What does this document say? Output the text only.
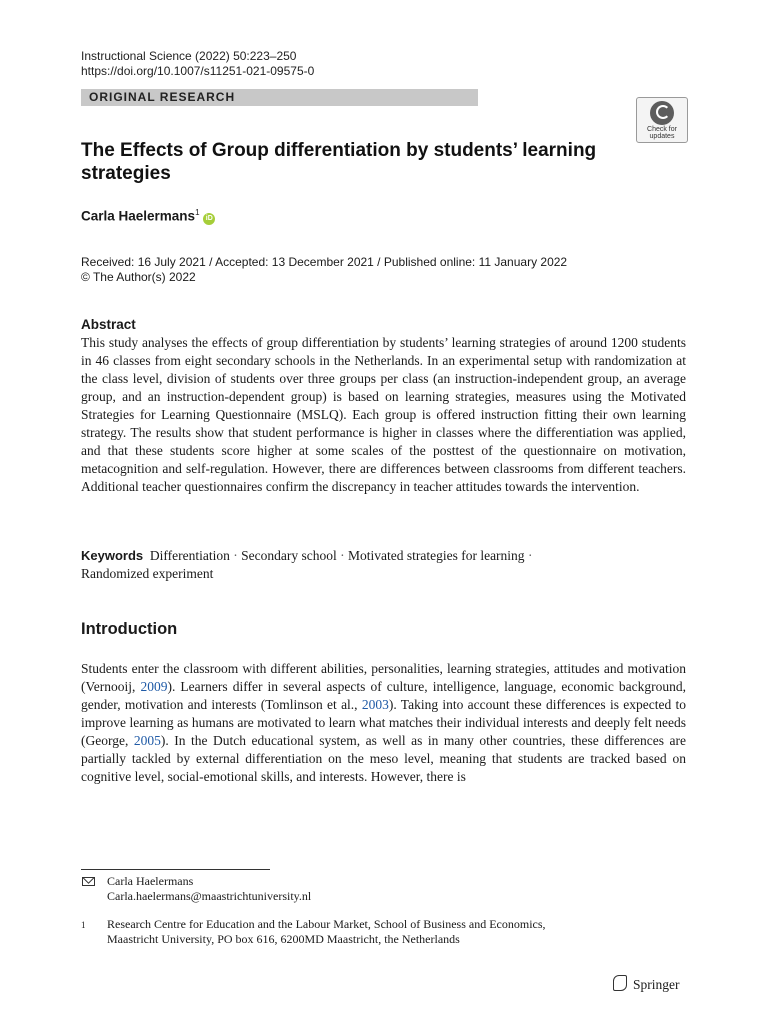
Instructional Science (2022) 50:223–250
https://doi.org/10.1007/s11251-021-09575-0
ORIGINAL RESEARCH
Check for
updates
The Effects of Group differentiation by students’ learning strategies
Carla Haelermans$^1$ iD
Received: 16 July 2021 / Accepted: 13 December 2021 / Published online: 11 January 2022
© The Author(s) 2022
Abstract
This study analyses the effects of group differentiation by students’ learning strategies of around 1200 students in 46 classes from eight secondary schools in the Netherlands. In an experimental setup with randomization at the class level, division of students over three groups per class (an instruction-independent group, an average group, and an instruction-dependent group) is based on learning strategies, measures using the Motivated Strategies for Learning Questionnaire (MSLQ). Each group is offered instruction fitting their own learning strategy. The results show that student performance is higher in classes where the differentiation was applied, and that these students score higher at some scales of the posttest of the questionnaire on motivation, metacognition and self-regulation. However, there are differences between classrooms from different teachers. Additional teacher questionnaires confirm the discrepancy in teacher attitudes towards the intervention.
Keywords Differentiation · Secondary school · Motivated strategies for learning ·
Randomized experiment
Introduction
Students enter the classroom with different abilities, personalities, learning strategies, attitudes and motivation (Vernooij, 2009). Learners differ in several aspects of culture, intelligence, language, economic background, gender, motivation and interests (Tomlinson et al., 2003). Taking into account these differences is expected to improve learning as humans are motivated to learn what matches their individual interests and deeply felt needs (George, 2005). In the Dutch educational system, as well as in many other countries, these differences are partially tackled by external differentiation on the meso level, meaning that students are tracked based on cognitive level, social-emotional skills, and interests. However, there is
Carla Haelermans
Carla.haelermans@maastrichtuniversity.nl
1 Research Centre for Education and the Labour Market, School of Business and Economics,
Maastricht University, PO box 616, 6200MD Maastricht, the Netherlands
Springer
